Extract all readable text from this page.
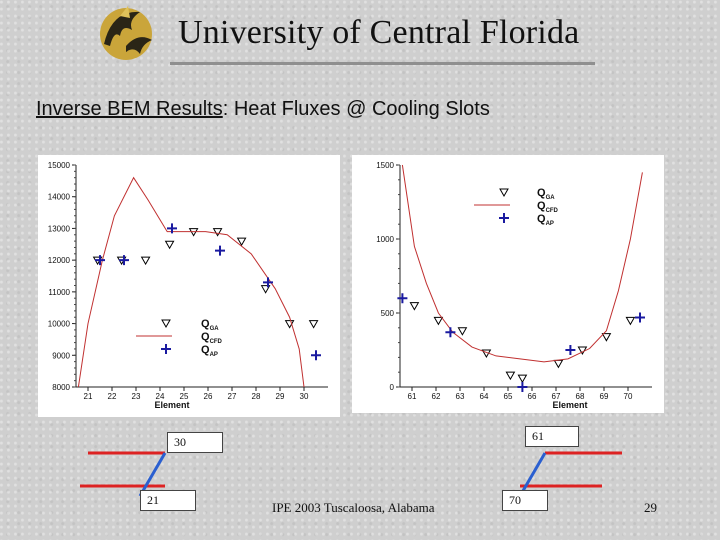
University of Central Florida
Inverse BEM Results: Heat Fluxes @ Cooling Slots
8000
9000
10000
11000
12000
13000
14000
15000
21 22 23 24 25 26 27 28 29 30
Element
$Q_{GA}$
$Q_{CFD}$
$Q_{AP}$
0
500
1000
1500
61 62 63 64 65 66 67 68 69 70
Element
$Q_{GA}$
$Q_{CFD}$
$Q_{AP}$
30
21
61
70
IPE 2003 Tuscaloosa, Alabama	29
